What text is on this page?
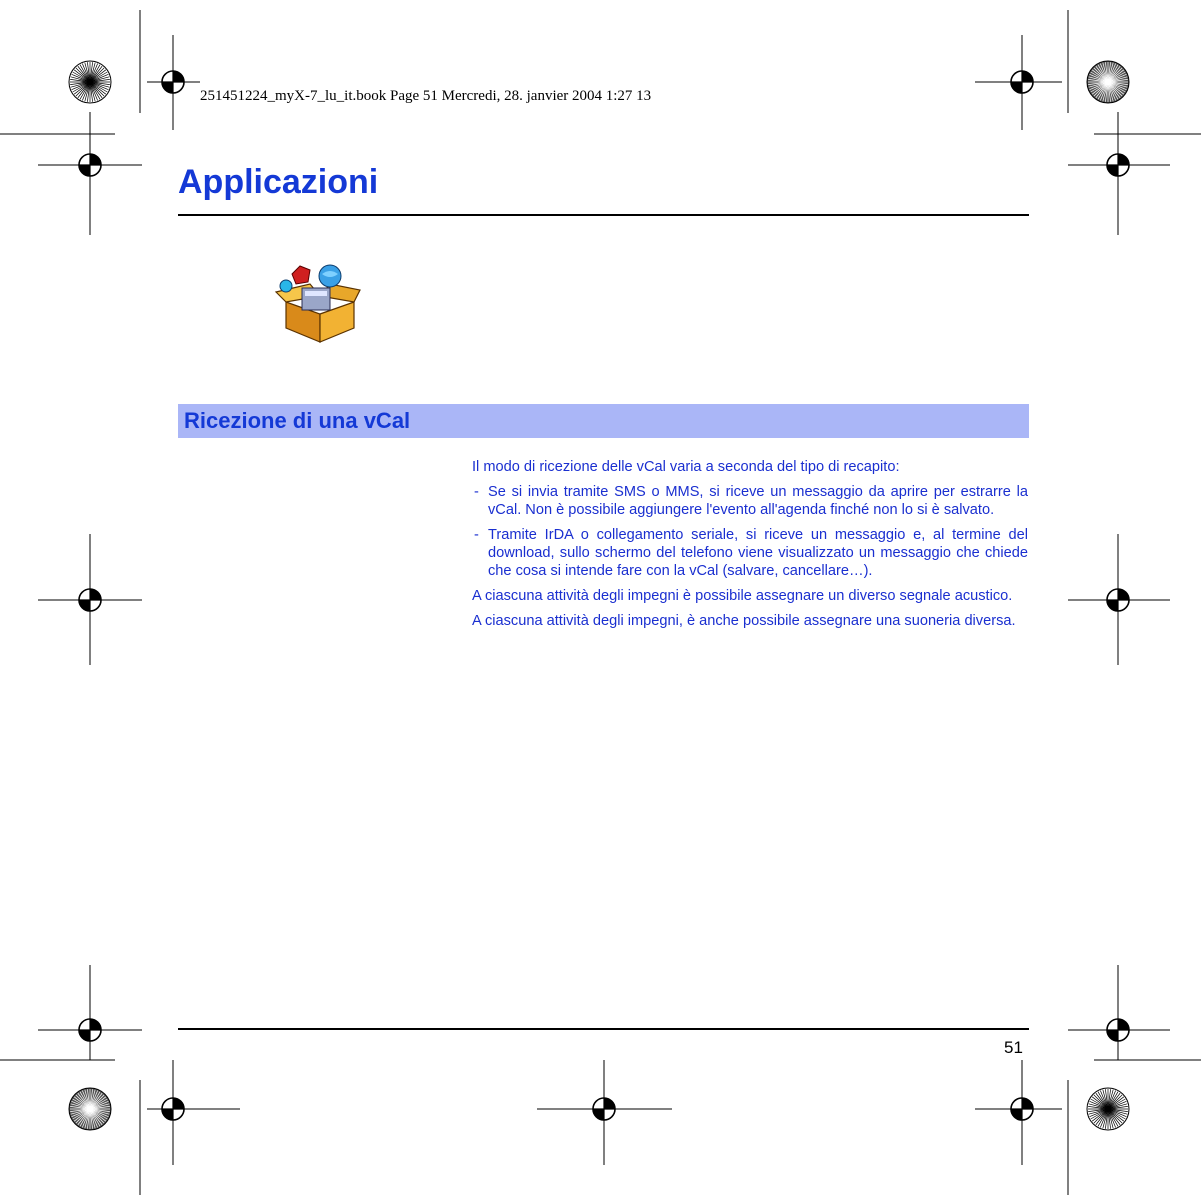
251451224_myX-7_lu_it.book Page 51 Mercredi, 28. janvier 2004 1:27 13
Applicazioni
Ricezione di una vCal

Il modo di ricezione delle vCal varia a seconda del tipo di recapito:

- Se si invia tramite SMS o MMS, si riceve un messaggio da aprire per estrarre la vCal. Non è possibile aggiungere l'evento all'agenda finché non lo si è salvato.
- Tramite IrDA o collegamento seriale, si riceve un messaggio e, al termine del download, sullo schermo del telefono viene visualizzato un messaggio che chiede che cosa si intende fare con la vCal (salvare, cancellare…).

A ciascuna attività degli impegni è possibile assegnare un diverso segnale acustico.

A ciascuna attività degli impegni, è anche possibile assegnare una suoneria diversa.

51
